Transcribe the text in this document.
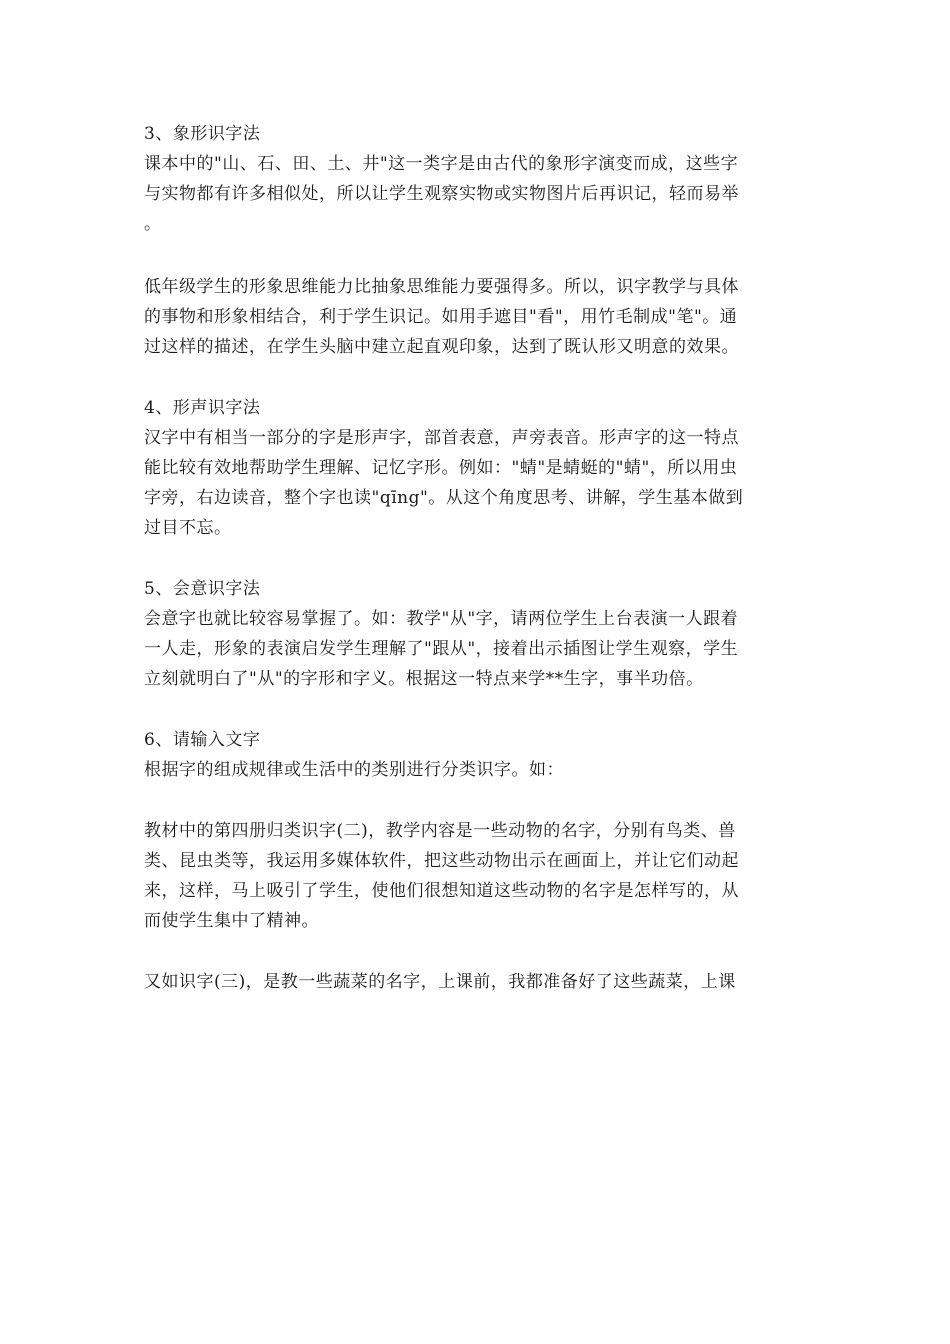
3、象形识字法
课本中的"山、石、田、土、井"这一类字是由古代的象形字演变而成，这些字
与实物都有许多相似处，所以让学生观察实物或实物图片后再识记，轻而易举
。
低年级学生的形象思维能力比抽象思维能力要强得多。所以，识字教学与具体
的事物和形象相结合，利于学生识记。如用手遮目"看"，用竹毛制成"笔"。通
过这样的描述，在学生头脑中建立起直观印象，达到了既认形又明意的效果。
4、形声识字法
汉字中有相当一部分的字是形声字，部首表意，声旁表音。形声字的这一特点
能比较有效地帮助学生理解、记忆字形。例如："蜻"是蜻蜓的"蜻"，所以用虫
字旁，右边读音，整个字也读"qīng"。从这个角度思考、讲解，学生基本做到
过目不忘。
5、会意识字法
会意字也就比较容易掌握了。如：教学"从"字，请两位学生上台表演一人跟着
一人走，形象的表演启发学生理解了"跟从"，接着出示插图让学生观察，学生
立刻就明白了"从"的字形和字义。根据这一特点来学**生字，事半功倍。
6、请输入文字
根据字的组成规律或生活中的类别进行分类识字。如：
教材中的第四册归类识字(二)，教学内容是一些动物的名字，分别有鸟类、兽
类、昆虫类等，我运用多媒体软件，把这些动物出示在画面上，并让它们动起
来，这样，马上吸引了学生，使他们很想知道这些动物的名字是怎样写的，从
而使学生集中了精神。
又如识字(三)，是教一些蔬菜的名字，上课前，我都准备好了这些蔬菜，上课
